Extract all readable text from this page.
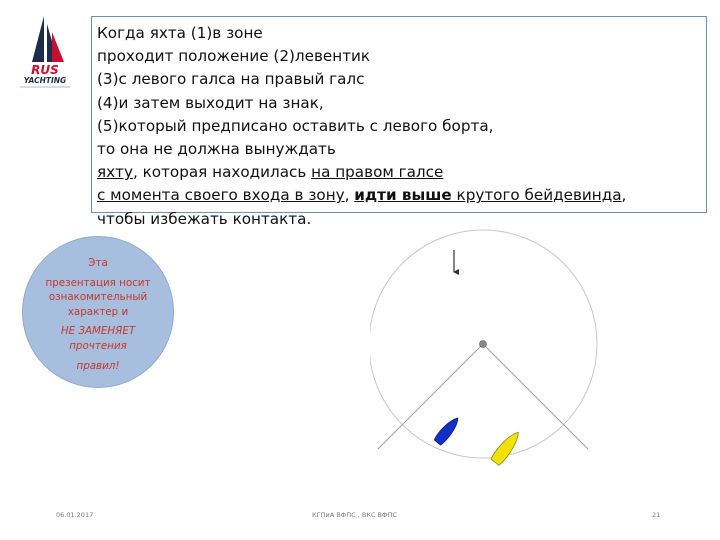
RUS
YACHTING
Когда яхта (1)в зоне
проходит положение (2)левентик
(3)с левого галса на правый галс
(4)и затем выходит на знак,
(5)который предписано оставить с левого борта,
то она не должна вынуждать
яхту, которая находилась на правом галсе
с момента своего входа в зону, идти выше крутого бейдевинда,
чтобы избежать контакта.
Эта
презентация носит
ознакомительный
характер и
НЕ ЗАМЕНЯЕТ
прочтения
правил!
06.01.2017	КГПиА ВФПС , ВКС ВФПС	21
